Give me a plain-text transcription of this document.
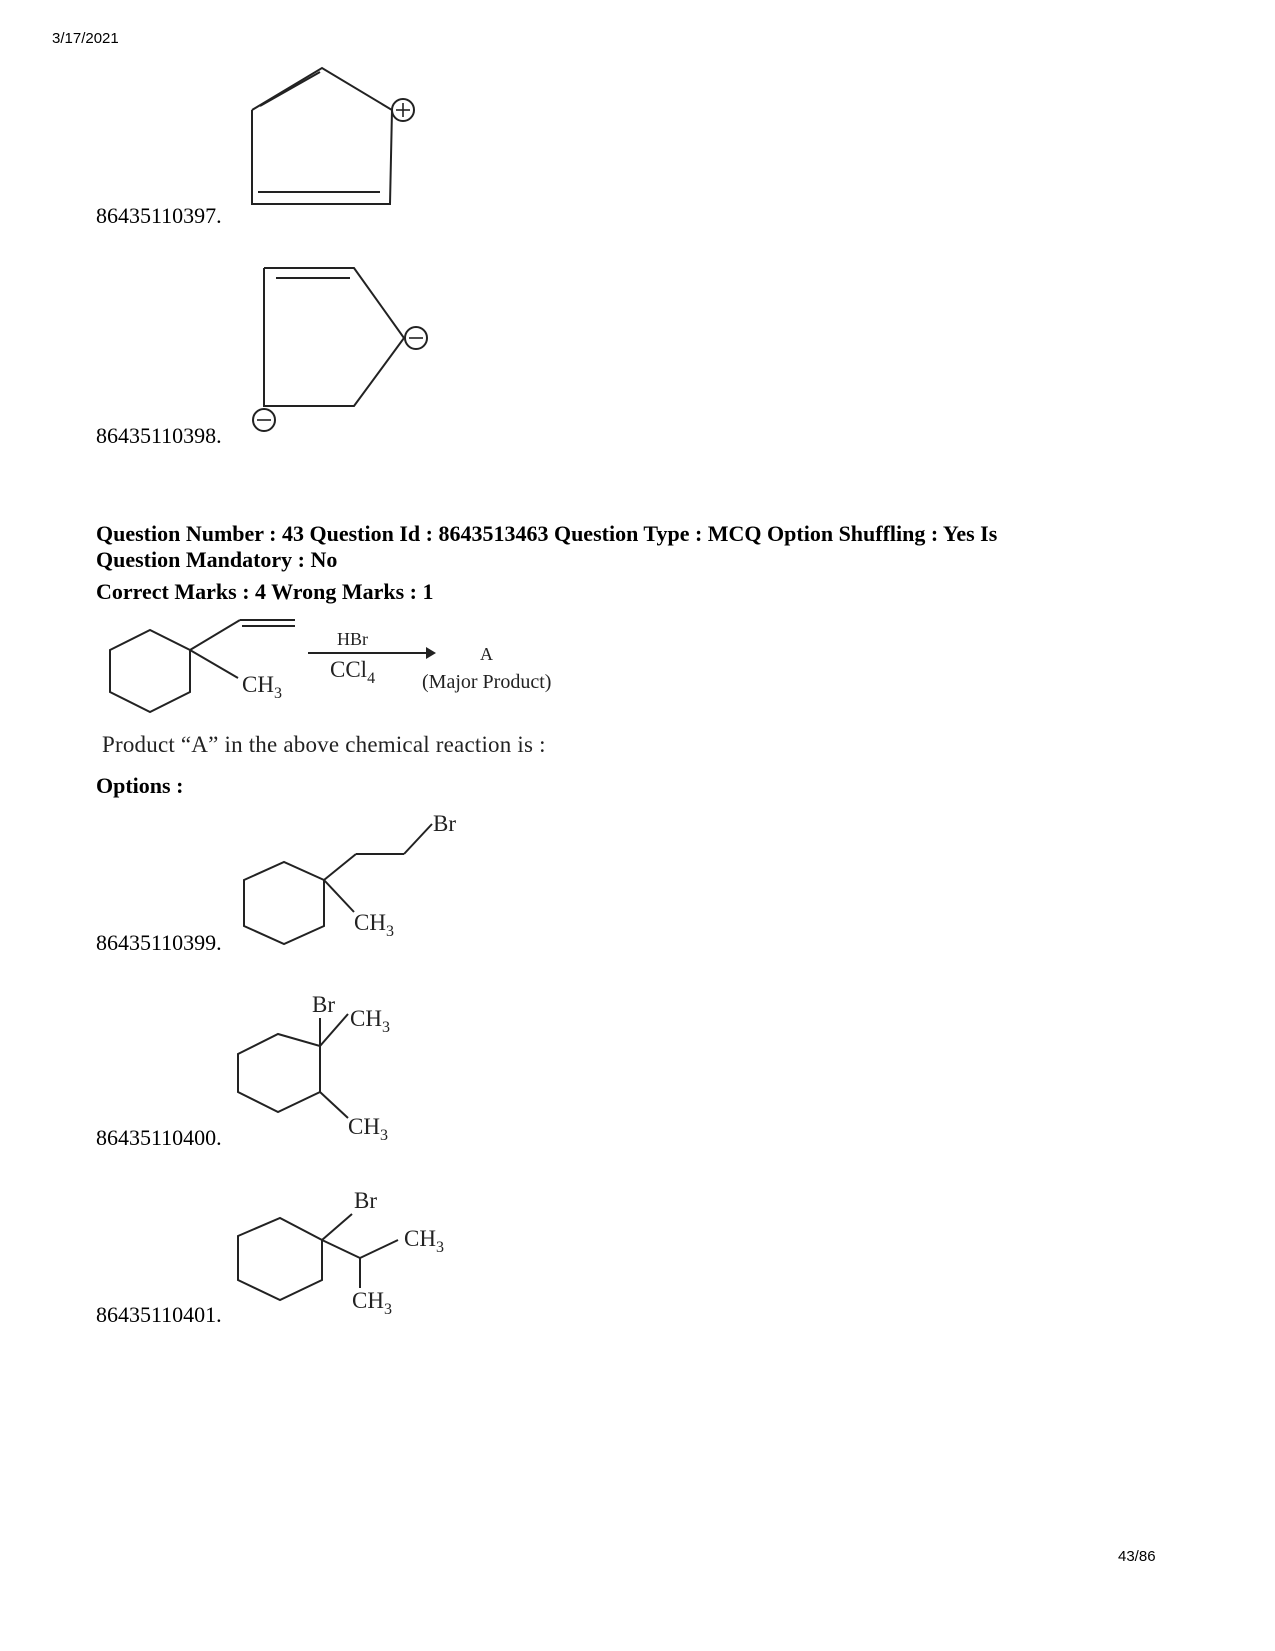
3/17/2021
43/86
86435110397.
86435110398.
Question Number : 43 Question Id : 8643513463 Question Type : MCQ Option Shuffling : Yes Is
Question Mandatory : No
Correct Marks : 4 Wrong Marks : 1
$CH_3$
HBr
CCl$_4$
A
(Major Product)
Product “A” in the above chemical reaction is :
Options :
Br
$CH_3$
86435110399.
Br
$CH_3$
$CH_3$
86435110400.
Br
$CH_3$
$CH_3$
86435110401.
